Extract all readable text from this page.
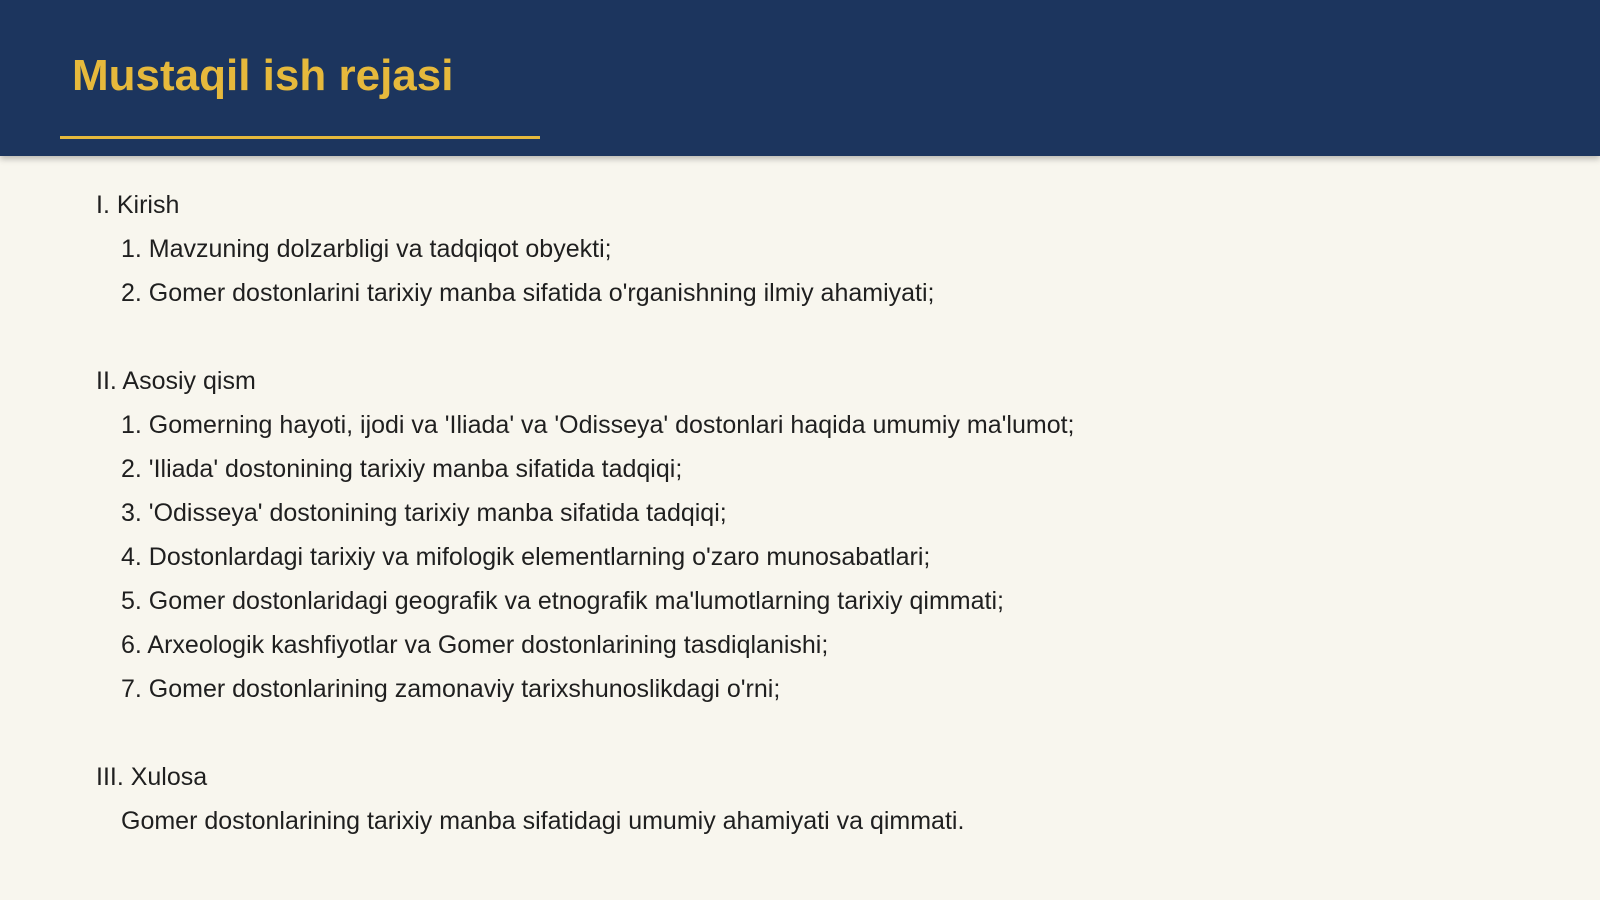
Mustaqil ish rejasi

I. Kirish

1. Mavzuning dolzarbligi va tadqiqot obyekti;

2. Gomer dostonlarini tarixiy manba sifatida o'rganishning ilmiy ahamiyati;

II. Asosiy qism

1. Gomerning hayoti, ijodi va 'Iliada' va 'Odisseya' dostonlari haqida umumiy ma'lumot;

2. 'Iliada' dostonining tarixiy manba sifatida tadqiqi;

3. 'Odisseya' dostonining tarixiy manba sifatida tadqiqi;

4. Dostonlardagi tarixiy va mifologik elementlarning o'zaro munosabatlari;

5. Gomer dostonlaridagi geografik va etnografik ma'lumotlarning tarixiy qimmati;

6. Arxeologik kashfiyotlar va Gomer dostonlarining tasdiqlanishi;

7. Gomer dostonlarining zamonaviy tarixshunoslikdagi o'rni;

III. Xulosa

Gomer dostonlarining tarixiy manba sifatidagi umumiy ahamiyati va qimmati.
